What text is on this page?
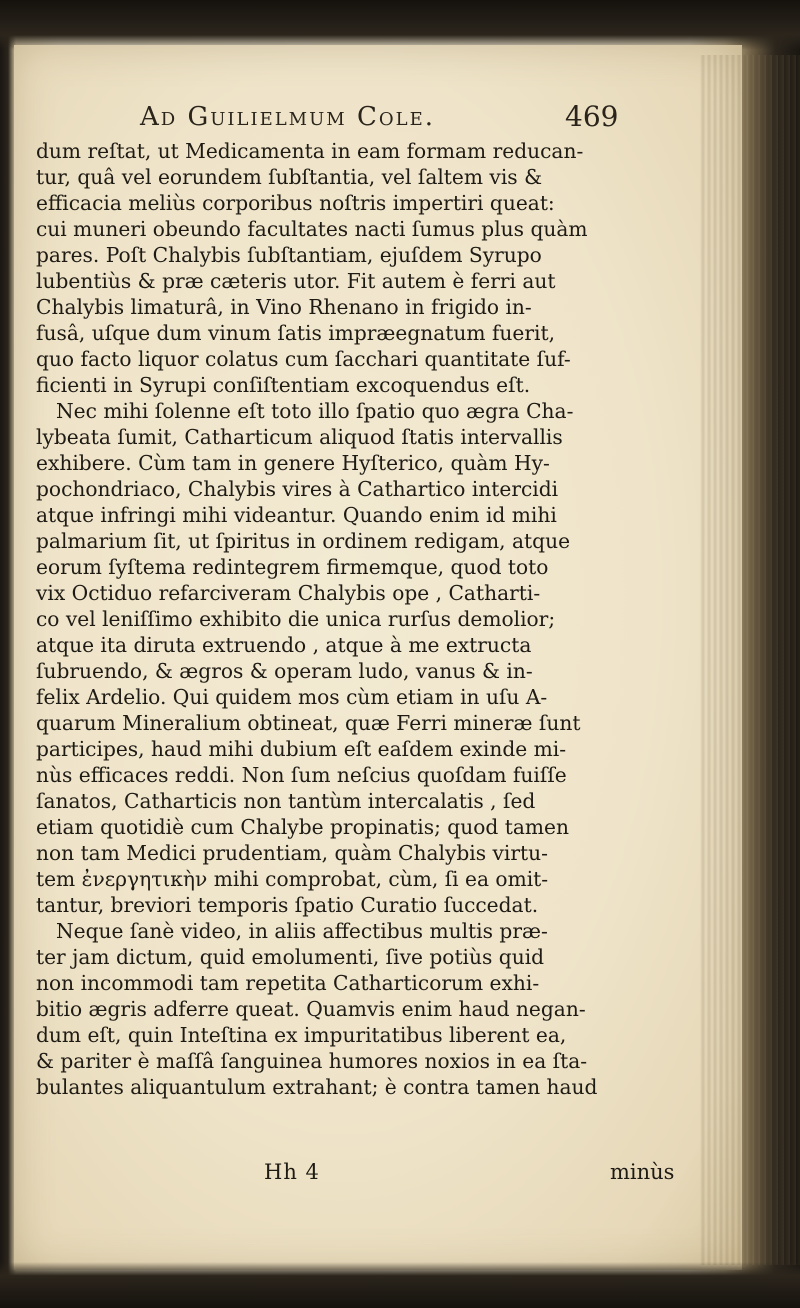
Ad Guilielmum Cole.	469
dum reſtat, ut Medicamenta in eam formam reducan-
tur, quâ vel eorundem ſubſtantia, vel ſaltem vis &
efficacia meliùs corporibus noſtris impertiri queat:
cui muneri obeundo facultates nacti ſumus plus quàm
pares. Poſt Chalybis ſubſtantiam, ejuſdem Syrupo
lubentiùs & præ cæteris utor. Fit autem è ferri aut
Chalybis limaturâ, in Vino Rhenano in frigido in-
fusâ, uſque dum vinum ſatis impræegnatum fuerit,
quo facto liquor colatus cum ſacchari quantitate ſuf-
ficienti in Syrupi conſiſtentiam excoquendus eſt.
Nec mihi ſolenne eſt toto illo ſpatio quo ægra Cha-
lybeata ſumit, Catharticum aliquod ſtatis intervallis
exhibere. Cùm tam in genere Hyſterico, quàm Hy-
pochondriaco, Chalybis vires à Cathartico intercidi
atque infringi mihi videantur. Quando enim id mihi
palmarium ſit, ut ſpiritus in ordinem redigam, atque
eorum ſyſtema redintegrem firmemque, quod toto
vix Octiduo refarciveram Chalybis ope , Catharti-
co vel leniſſimo exhibito die unica rurſus demolior;
atque ita diruta extruendo , atque à me extructa
ſubruendo, & ægros & operam ludo, vanus & in-
felix Ardelio. Qui quidem mos cùm etiam in uſu A-
quarum Mineralium obtineat, quæ Ferri mineræ ſunt
participes, haud mihi dubium eſt eaſdem exinde mi-
nùs efficaces reddi. Non ſum neſcius quoſdam fuiſſe
ſanatos, Catharticis non tantùm intercalatis , ſed
etiam quotidiè cum Chalybe propinatis; quod tamen
non tam Medici prudentiam, quàm Chalybis virtu-
tem ἐνεργητικὴν mihi comprobat, cùm, ſi ea omit-
tantur, breviori temporis ſpatio Curatio ſuccedat.
Neque ſanè video, in aliis affectibus multis præ-
ter jam dictum, quid emolumenti, ſive potiùs quid
non incommodi tam repetita Catharticorum exhi-
bitio ægris adferre queat. Quamvis enim haud negan-
dum eſt, quin Inteſtina ex impuritatibus liberent ea,
& pariter è maſſâ ſanguinea humores noxios in ea ſta-
bulantes aliquantulum extrahant; è contra tamen haud
Hh 4	minùs
